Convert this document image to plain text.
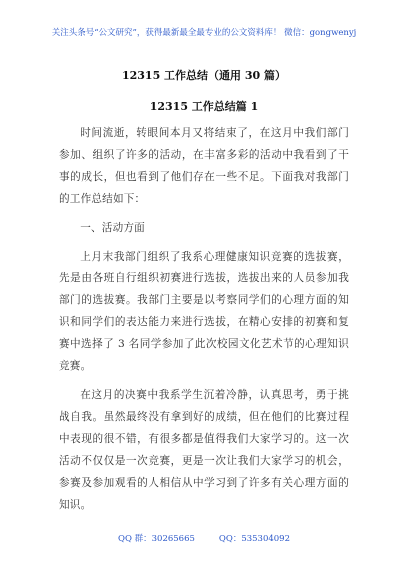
关注头条号“公文研究”，获得最新最全最专业的公文资料库！ 微信：gongwenyj
12315 工作总结（通用 30 篇）
12315 工作总结篇 1

时间流逝，转眼间本月又将结束了，在这月中我们部门参加、组织了许多的活动，在丰富多彩的活动中我看到了干事的成长，但也看到了他们存在一些不足。下面我对我部门的工作总结如下：

一、活动方面

上月末我部门组织了我系心理健康知识竞赛的选拔赛，先是由各班自行组织初赛进行选拔，选拔出来的人员参加我部门的选拔赛。我部门主要是以考察同学们的心理方面的知识和同学们的表达能力来进行选拔，在精心安排的初赛和复赛中选择了 3 名同学参加了此次校园文化艺术节的心理知识竞赛。

在这月的决赛中我系学生沉着冷静，认真思考，勇于挑战自我。虽然最终没有拿到好的成绩，但在他们的比赛过程中表现的很不错，有很多都是值得我们大家学习的。这一次活动不仅仅是一次竞赛，更是一次让我们大家学习的机会，参赛及参加观看的人相信从中学习到了许多有关心理方面的知识。

QQ 群：30265665	QQ：535304092
